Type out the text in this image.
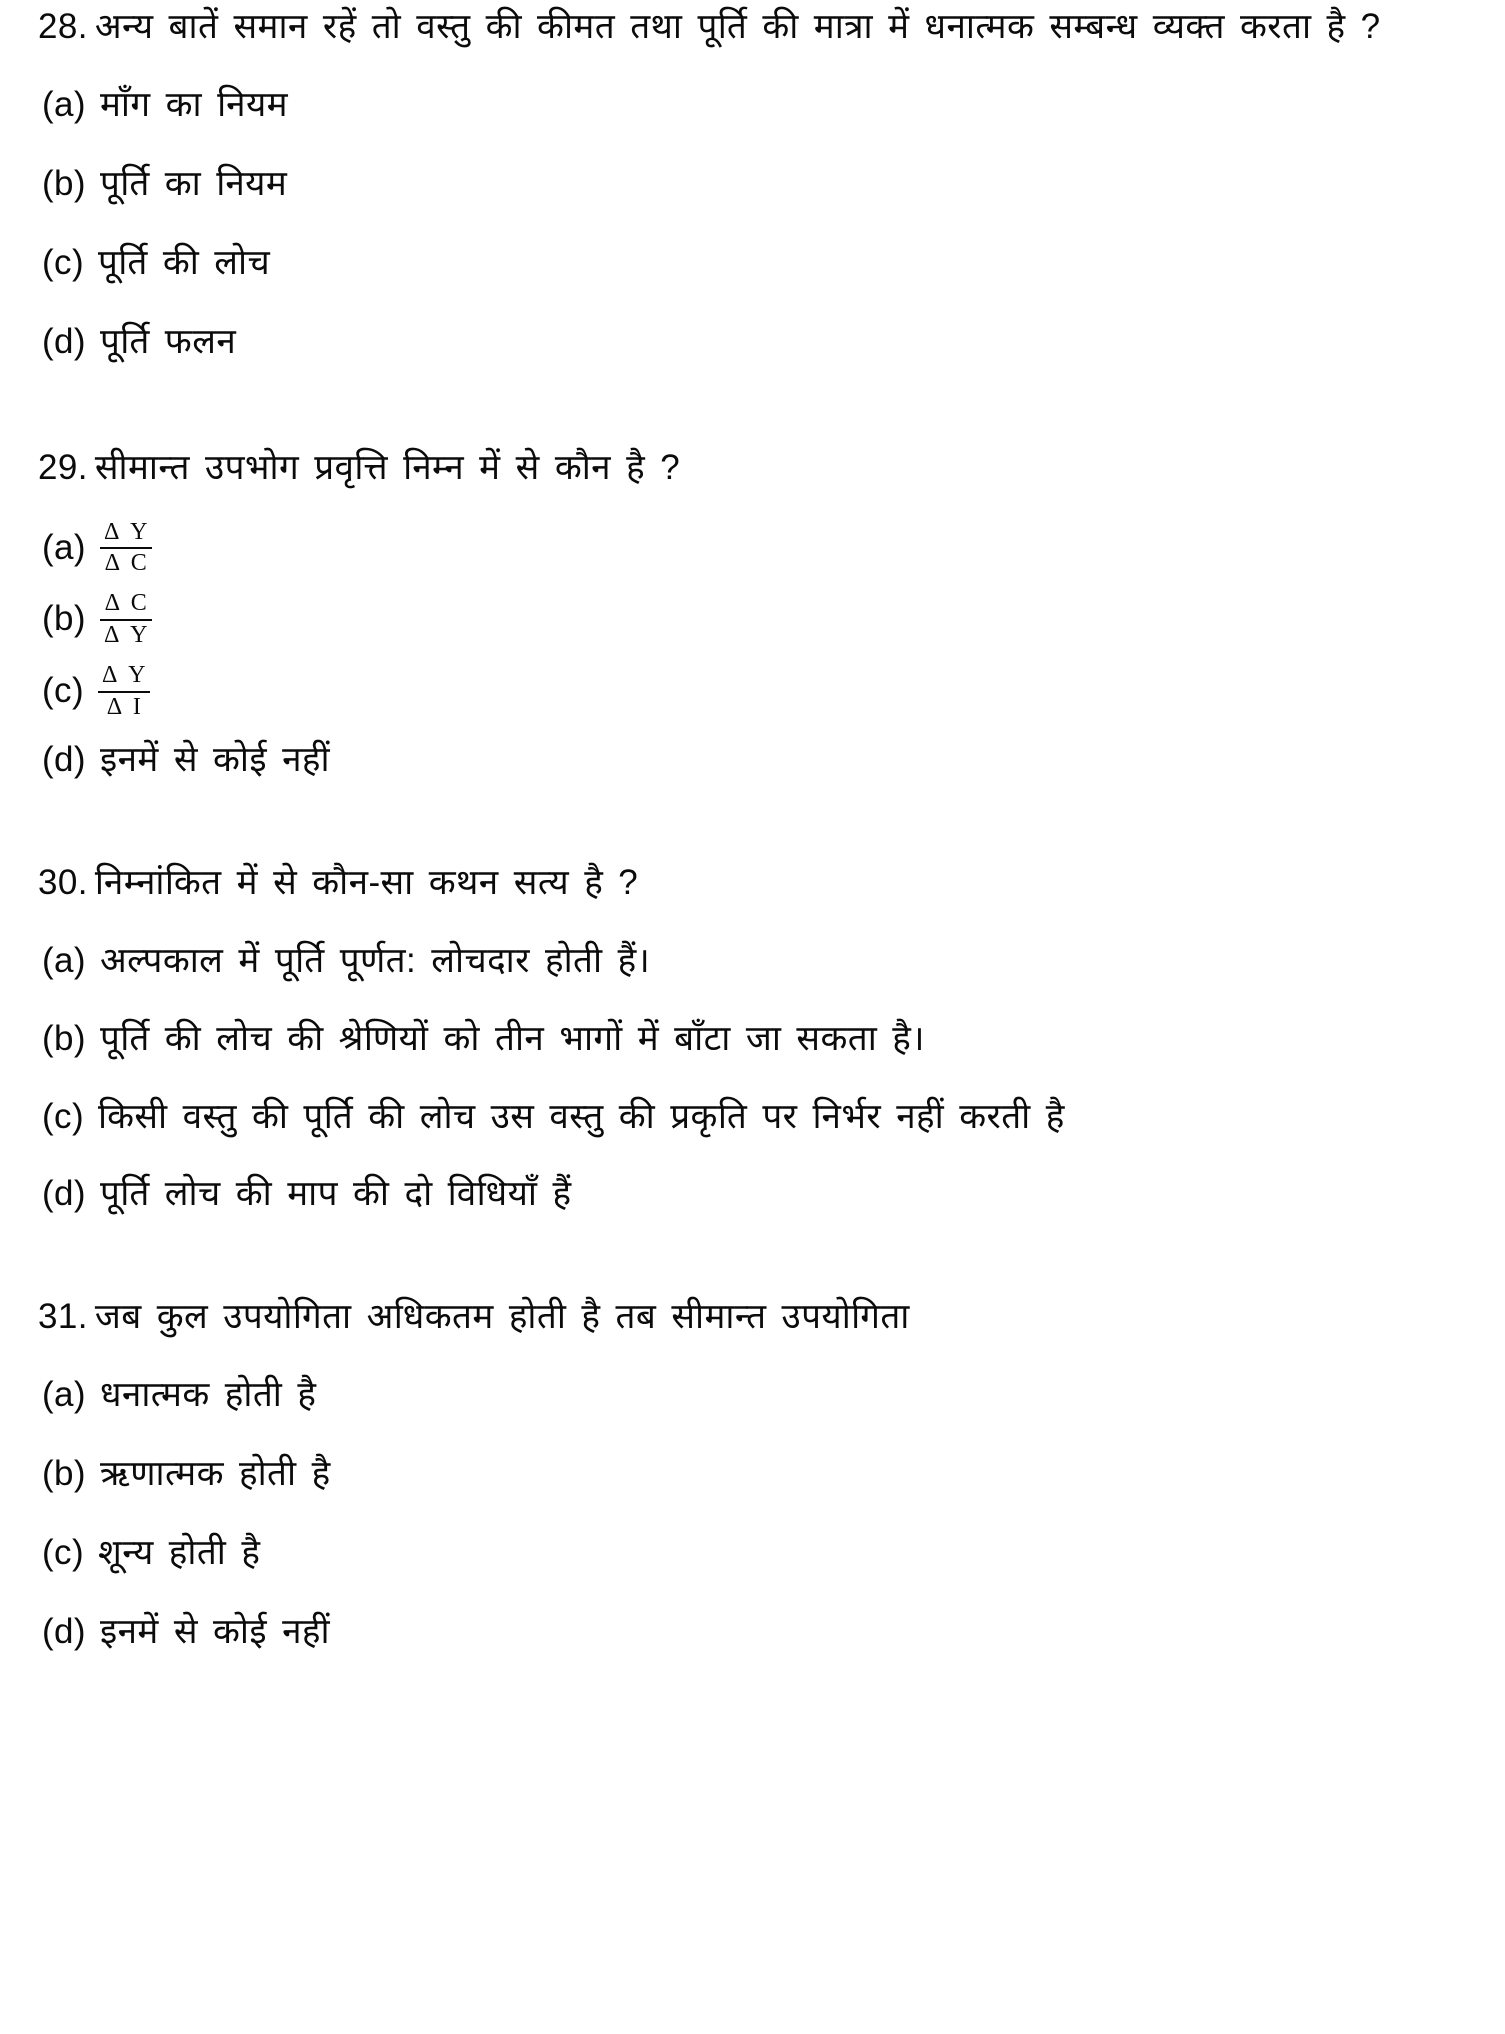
28. अन्य बातें समान रहें तो वस्तु की कीमत तथा पूर्ति की मात्रा में धनात्मक सम्बन्ध व्यक्त करता है ?

(a) माँग का नियम
(b) पूर्ति का नियम
(c) पूर्ति की लोच
(d) पूर्ति फलन

29. सीमान्त उपभोग प्रवृत्ति निम्न में से कौन है ?

$(a) \frac{\text{Δ Y}}{\text{Δ C}}$
$(b) \frac{\text{Δ C}}{\text{Δ Y}}$
$(c) \frac{\text{Δ Y}}{\text{Δ I}}$
(d) इनमें से कोई नहीं

30. निम्नांकित में से कौन-सा कथन सत्य है ?

(a) अल्पकाल में पूर्ति पूर्णत: लोचदार होती हैं।
(b) पूर्ति की लोच की श्रेणियों को तीन भागों में बाँटा जा सकता है।
(c) किसी वस्तु की पूर्ति की लोच उस वस्तु की प्रकृति पर निर्भर नहीं करती है
(d) पूर्ति लोच की माप की दो विधियाँ हैं

31. जब कुल उपयोगिता अधिकतम होती है तब सीमान्त उपयोगिता

(a) धनात्मक होती है
(b) ऋणात्मक होती है
(c) शून्य होती है
(d) इनमें से कोई नहीं
